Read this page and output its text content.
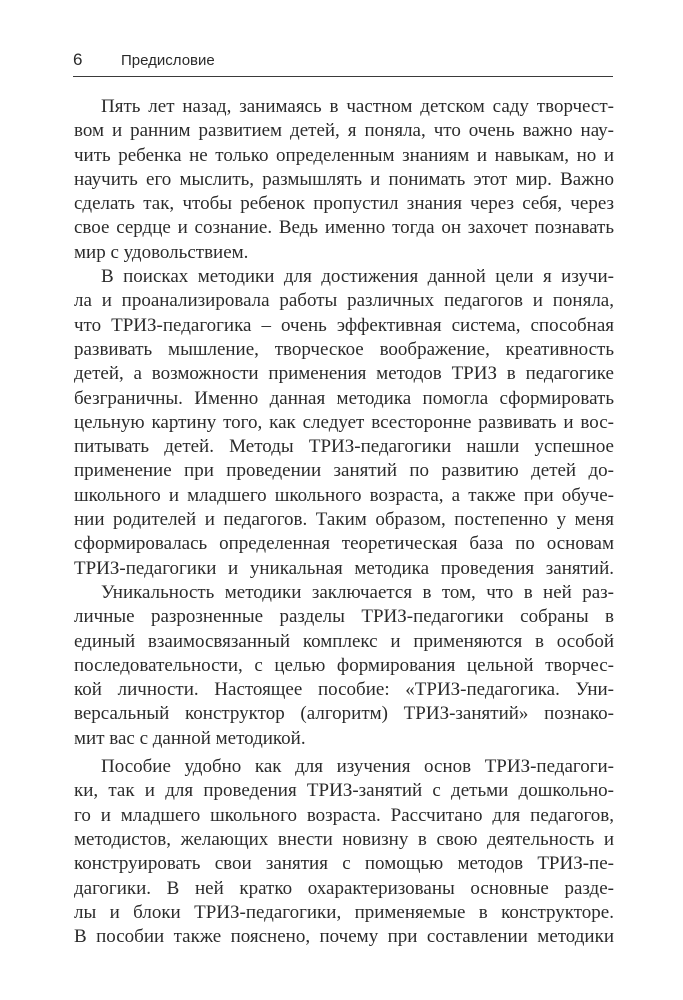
6	Предисловие
Пять лет назад, занимаясь в частном детском саду творчест-
вом и ранним развитием детей, я поняла, что очень важно нау-
чить ребенка не только определенным знаниям и навыкам, но и
научить его мыслить, размышлять и понимать этот мир. Важно
сделать так, чтобы ребенок пропустил знания через себя, через
свое сердце и сознание. Ведь именно тогда он захочет познавать
мир с удовольствием.
В поисках методики для достижения данной цели я изучи-
ла и проанализировала работы различных педагогов и поняла,
что ТРИЗ-педагогика – очень эффективная система, способная
развивать мышление, творческое воображение, креативность
детей, а возможности применения методов ТРИЗ в педагогике
безграничны. Именно данная методика помогла сформировать
цельную картину того, как следует всесторонне развивать и вос-
питывать детей. Методы ТРИЗ-педагогики нашли успешное
применение при проведении занятий по развитию детей до-
школьного и младшего школьного возраста, а также при обуче-
нии родителей и педагогов. Таким образом, постепенно у меня
сформировалась определенная теоретическая база по основам
ТРИЗ-педагогики и уникальная методика проведения занятий.
Уникальность методики заключается в том, что в ней раз-
личные разрозненные разделы ТРИЗ-педагогики собраны в
единый взаимосвязанный комплекс и применяются в особой
последовательности, с целью формирования цельной творчес-
кой личности. Настоящее пособие: «ТРИЗ-педагогика. Уни-
версальный конструктор (алгоритм) ТРИЗ-занятий» познако-
мит вас с данной методикой.
Пособие удобно как для изучения основ ТРИЗ-педагоги-
ки, так и для проведения ТРИЗ-занятий с детьми дошкольно-
го и младшего школьного возраста. Рассчитано для педагогов,
методистов, желающих внести новизну в свою деятельность и
конструировать свои занятия с помощью методов ТРИЗ-пе-
дагогики. В ней кратко охарактеризованы основные разде-
лы и блоки ТРИЗ-педагогики, применяемые в конструкторе.
В пособии также пояснено, почему при составлении методики
